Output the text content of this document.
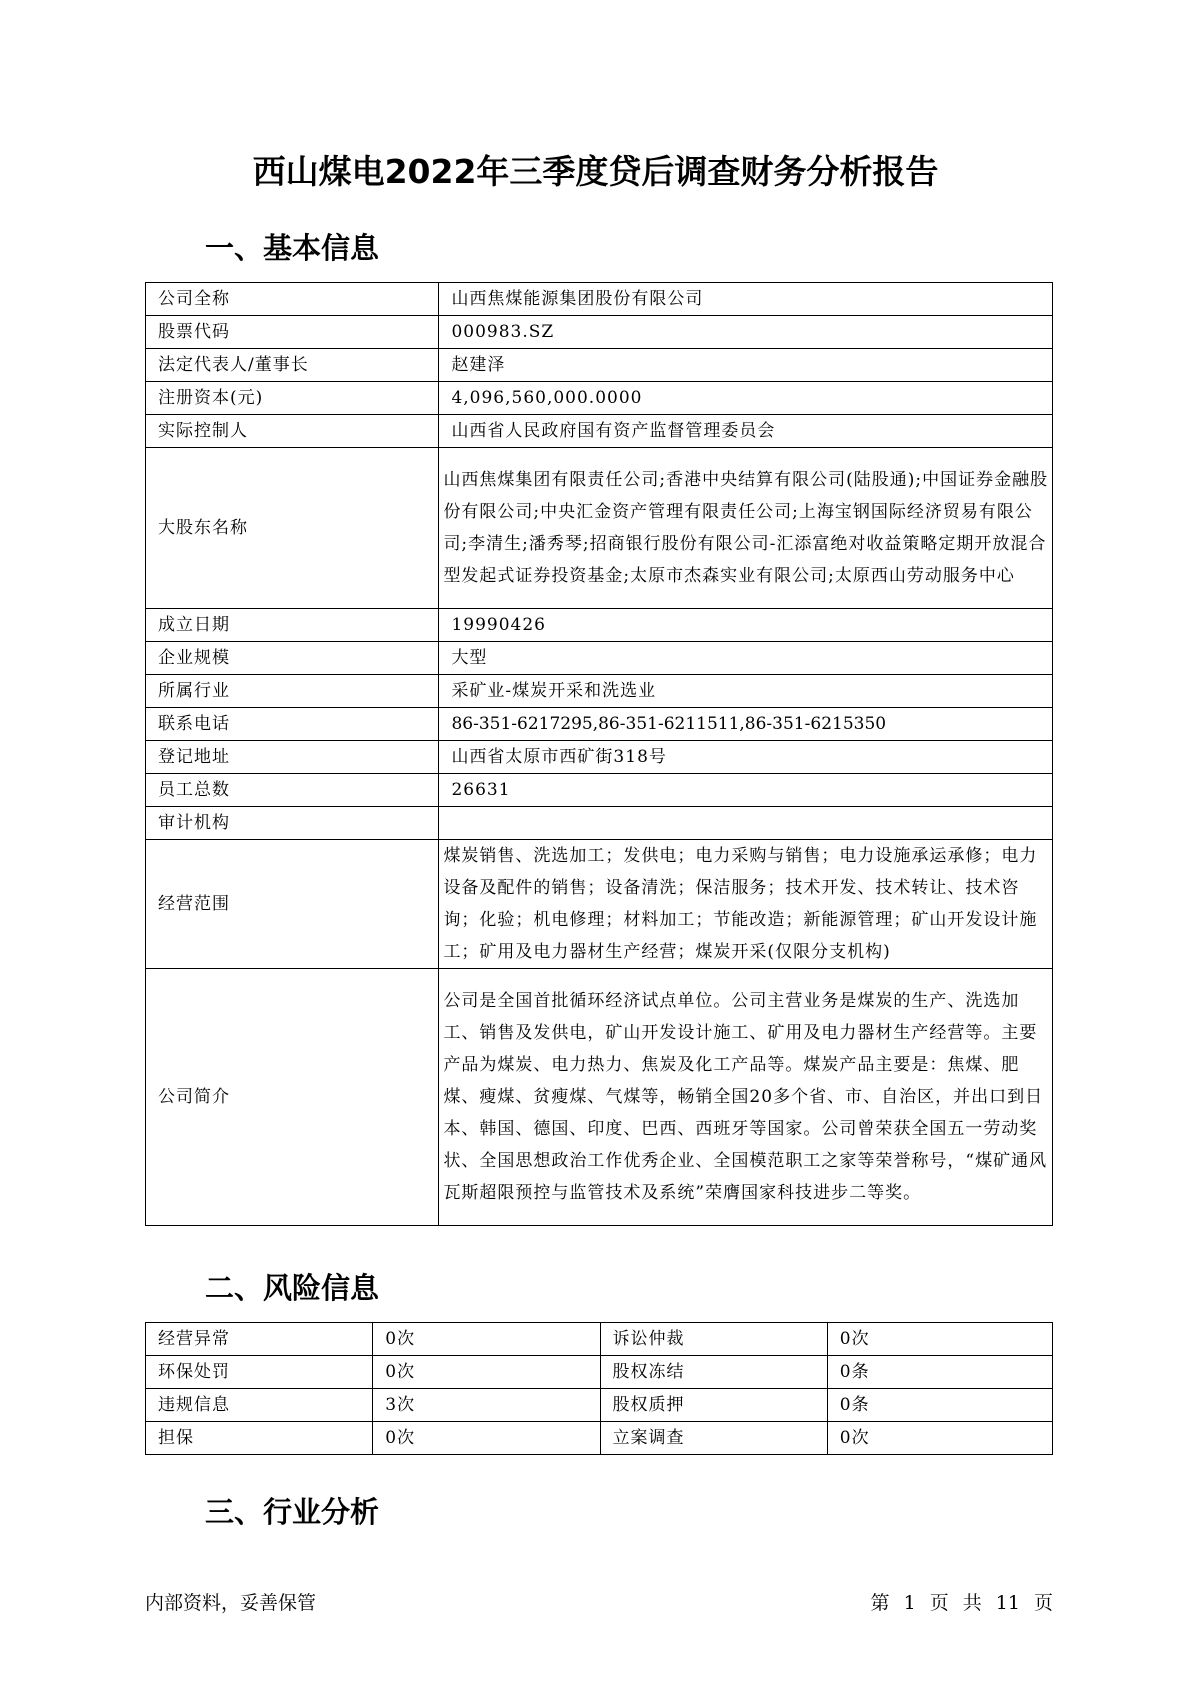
西山煤电2022年三季度贷后调查财务分析报告
一、基本信息
公司全称	山西焦煤能源集团股份有限公司
股票代码	000983.SZ
法定代表人/董事长	赵建泽
注册资本(元)	4,096,560,000.0000
实际控制人	山西省人民政府国有资产监督管理委员会
大股东名称	山西焦煤集团有限责任公司;香港中央结算有限公司(陆股通);中国证券金融股份有限公司;中央汇金资产管理有限责任公司;上海宝钢国际经济贸易有限公司;李清生;潘秀琴;招商银行股份有限公司-汇添富绝对收益策略定期开放混合型发起式证券投资基金;太原市杰森实业有限公司;太原西山劳动服务中心
成立日期	19990426
企业规模	大型
所属行业	采矿业-煤炭开采和洗选业
联系电话	86-351-6217295,86-351-6211511,86-351-6215350
登记地址	山西省太原市西矿街318号
员工总数	26631
审计机构	
经营范围	煤炭销售、洗选加工；发供电；电力采购与销售；电力设施承运承修；电力设备及配件的销售；设备清洗；保洁服务；技术开发、技术转让、技术咨询；化验；机电修理；材料加工；节能改造；新能源管理；矿山开发设计施工；矿用及电力器材生产经营；煤炭开采(仅限分支机构)
公司简介	公司是全国首批循环经济试点单位。公司主营业务是煤炭的生产、洗选加工、销售及发供电，矿山开发设计施工、矿用及电力器材生产经营等。主要产品为煤炭、电力热力、焦炭及化工产品等。煤炭产品主要是：焦煤、肥煤、瘦煤、贫瘦煤、气煤等，畅销全国20多个省、市、自治区，并出口到日本、韩国、德国、印度、巴西、西班牙等国家。公司曾荣获全国五一劳动奖状、全国思想政治工作优秀企业、全国模范职工之家等荣誉称号，“煤矿通风瓦斯超限预控与监管技术及系统”荣膺国家科技进步二等奖。
二、风险信息
经营异常	0次	诉讼仲裁	0次
环保处罚	0次	股权冻结	0条
违规信息	3次	股权质押	0条
担保	0次	立案调查	0次
三、行业分析
内部资料，妥善保管	第 1 页 共 11 页
